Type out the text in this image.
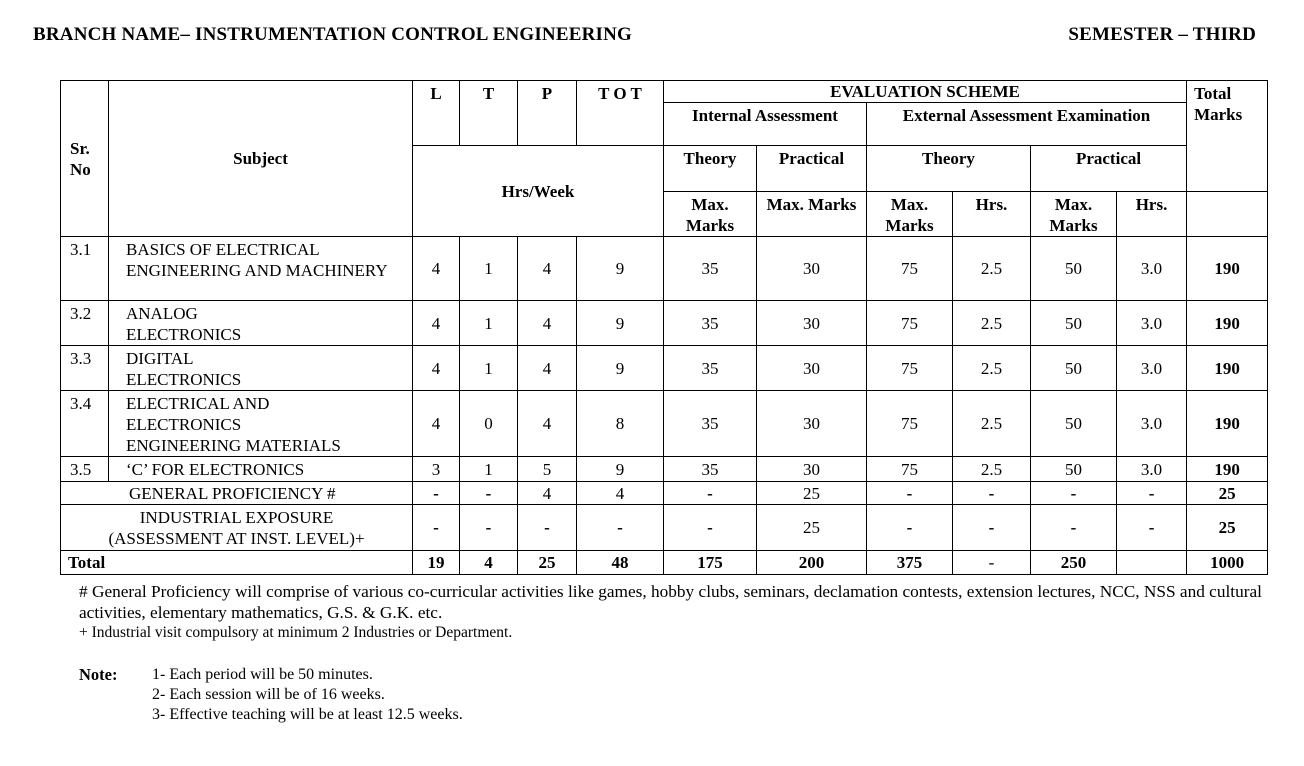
BRANCH NAME– INSTRUMENTATION CONTROL ENGINEERING	SEMESTER – THIRD
Sr. No	Subject	L	T	P	T O T	EVALUATION SCHEME						Total Marks
						Internal Assessment		External Assessment Examination				
		Hrs/Week				Theory	Practical	Theory		Practical		
						Max. Marks	Max. Marks	Max. Marks	Hrs.	Max. Marks	Hrs.	
3.1	BASICS OF ELECTRICAL ENGINEERING AND MACHINERY	4	1	4	9	35	30	75	2.5	50	3.0	190
3.2	ANALOG ELECTRONICS	4	1	4	9	35	30	75	2.5	50	3.0	190
3.3	DIGITAL ELECTRONICS	4	1	4	9	35	30	75	2.5	50	3.0	190
3.4	ELECTRICAL AND ELECTRONICS ENGINEERING MATERIALS	4	0	4	8	35	30	75	2.5	50	3.0	190
3.5	‘C’ FOR ELECTRONICS	3	1	5	9	35	30	75	2.5	50	3.0	190
GENERAL PROFICIENCY #		-	-	4	4	-	25	-	-	-	-	25
INDUSTRIAL EXPOSURE (ASSESSMENT AT INST. LEVEL)+		-	-	-	-	-	25	-	-	-	-	25
Total		19	4	25	48	175	200	375	-	250		1000
# General Proficiency will comprise of various co-curricular activities like games, hobby clubs, seminars, declamation contests, extension lectures, NCC, NSS and cultural activities, elementary mathematics, G.S. & G.K. etc.
+ Industrial visit compulsory at minimum 2 Industries or Department.
Note: 1- Each period will be 50 minutes.
2- Each session will be of 16 weeks.
3- Effective teaching will be at least 12.5 weeks.
